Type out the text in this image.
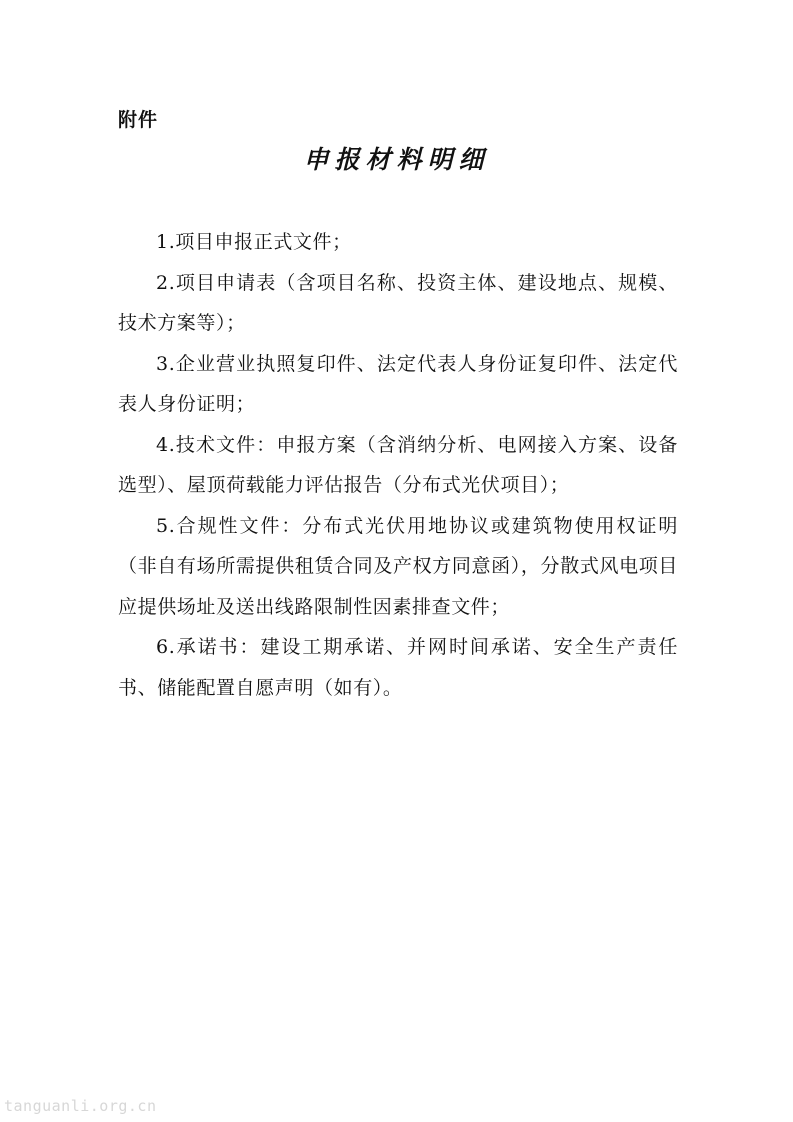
附件
申报材料明细

1.项目申报正式文件；

2.项目申请表（含项目名称、投资主体、建设地点、规模、技术方案等）；

3.企业营业执照复印件、法定代表人身份证复印件、法定代表人身份证明；

4.技术文件：申报方案（含消纳分析、电网接入方案、设备选型）、屋顶荷载能力评估报告（分布式光伏项目）；

5.合规性文件：分布式光伏用地协议或建筑物使用权证明（非自有场所需提供租赁合同及产权方同意函），分散式风电项目应提供场址及送出线路限制性因素排查文件；

6.承诺书：建设工期承诺、并网时间承诺、安全生产责任书、储能配置自愿声明（如有）。

tanguanli.org.cn
